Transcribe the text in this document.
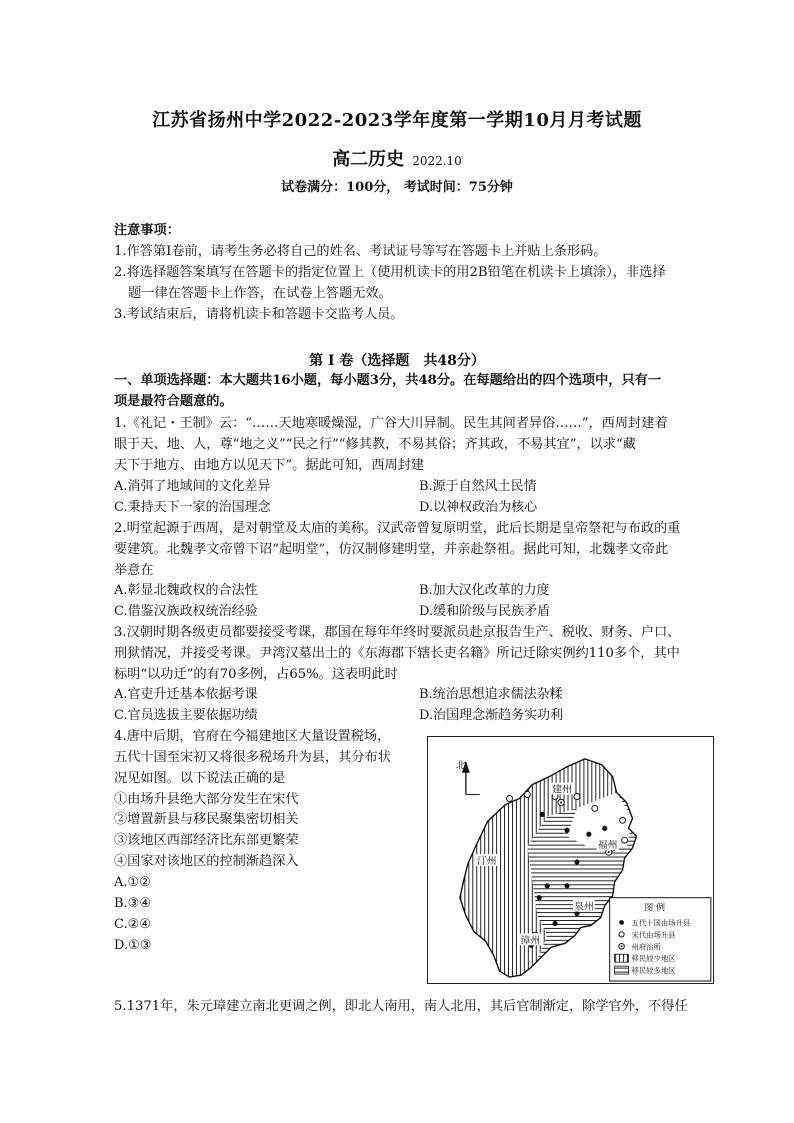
江苏省扬州中学2022-2023学年度第一学期10月月考试题
高二历史 2022.10
试卷满分：100分， 考试时间：75分钟
注意事项：
1.作答第Ⅰ卷前，请考生务必将自己的姓名、考试证号等写在答题卡上并贴上条形码。
2.将选择题答案填写在答题卡的指定位置上（使用机读卡的用2B铅笔在机读卡上填涂），非选择
题一律在答题卡上作答，在试卷上答题无效。
3.考试结束后，请将机读卡和答题卡交监考人员。
第 Ⅰ 卷（选择题　共48分）
一、单项选择题：本大题共16小题，每小题3分，共48分。在每题给出的四个选项中，只有一
项是最符合题意的。
1.《礼记・王制》云：“……天地寒暖燥湿，广谷大川异制。民生其间者异俗……”，西周封建着
眼于天、地、人，尊“地之义”“民之行”“修其教，不易其俗；齐其政，不易其宜”，以求“藏
天下于地方、由地方以见天下”。据此可知，西周封建
A.消弭了地域间的文化差异	B.源于自然风土民情
C.秉持天下一家的治国理念	D.以神权政治为核心
2.明堂起源于西周，是对朝堂及太庙的美称。汉武帝曾复原明堂，此后长期是皇帝祭祀与布政的重
要建筑。北魏孝文帝曾下诏“起明堂”，仿汉制修建明堂，并亲赴祭祖。据此可知，北魏孝文帝此
举意在
A.彰显北魏政权的合法性	B.加大汉化改革的力度
C.借鉴汉族政权统治经验	D.缓和阶级与民族矛盾
3.汉朝时期各级吏员都要接受考课，郡国在每年年终时要派员赴京报告生产、税收、财务、户口、
刑狱情况，并接受考课。尹湾汉墓出土的《东海郡下辖长吏名籍》所记迁除实例约110多个，其中
标明“以功迁”的有70多例，占65%。这表明此时
A.官吏升迁基本依据考课	B.统治思想追求儒法杂糅
C.官员选拔主要依据功绩	D.治国理念渐趋务实功利
4.唐中后期，官府在今福建地区大量设置税场，
五代十国至宋初又将很多税场升为县，其分布状
况见如图。以下说法正确的是
①由场升县绝大部分发生在宋代
②增置新县与移民聚集密切相关
③该地区西部经济比东部更繁荣
④国家对该地区的控制渐趋深入
A.①②
B.③④
C.②④
D.①③
北
建州
福州
泉州
汀州
漳州
图 例
五代十国由场升县
宋代由场升县
州府治所
移民较少地区
移民较多地区
5.1371年，朱元璋建立南北更调之例，即北人南用，南人北用，其后官制渐定，除学官外，不得任
